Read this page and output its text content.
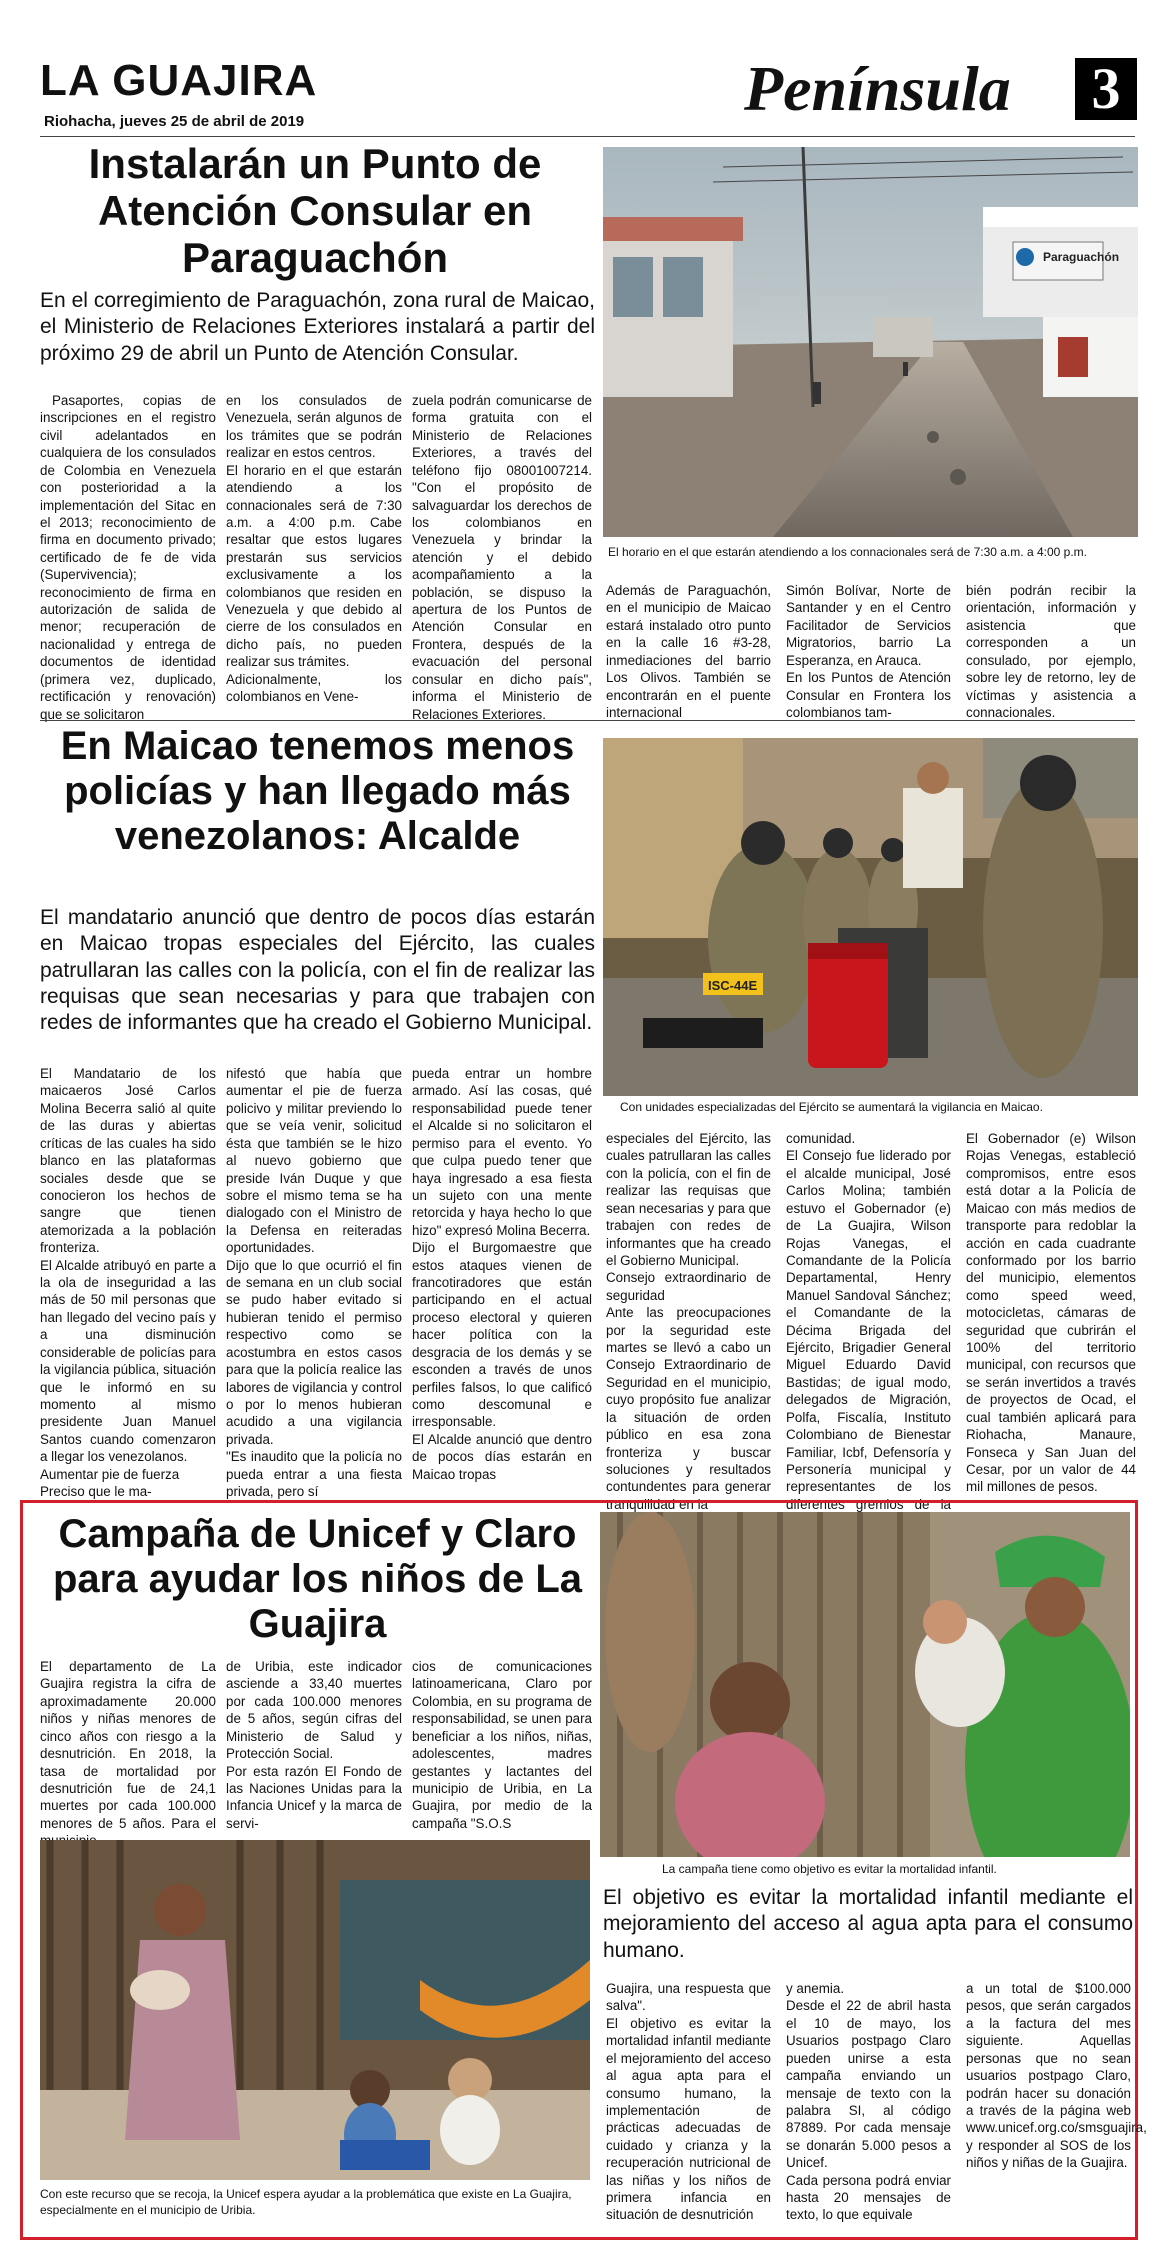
LA GUAJIRA
Riohacha, jueves 25 de abril de 2019	Península 3
Instalarán un Punto de Atención Consular en Paraguachón
En el corregimiento de Paraguachón, zona rural de Maicao, el Ministerio de Relaciones Exteriores instalará a partir del próximo 29 de abril un Punto de Atención Consular.

Pasaportes, copias de inscripciones en el registro civil adelantados en cualquiera de los consulados de Colombia en Venezuela con posterioridad a la implementación del Sitac en el 2013; reconocimiento de firma en documento privado; certificado de fe de vida (Supervivencia); reconocimiento de firma en autorización de salida de menor; recuperación de nacionalidad y entrega de documentos de identidad (primera vez, duplicado, rectificación y renovación) que se solicitaron

en los consulados de Venezuela, serán algunos de los trámites que se podrán realizar en estos centros.
El horario en el que estarán atendiendo a los connacionales será de 7:30 a.m. a 4:00 p.m. Cabe resaltar que estos lugares prestarán sus servicios exclusivamente a los colombianos que residen en Venezuela y que debido al cierre de los consulados en dicho país, no pueden realizar sus trámites.
Adicionalmente, los colombianos en Vene-
zuela podrán comunicarse de forma gratuita con el Ministerio de Relaciones Exteriores, a través del teléfono fijo 08001007214. "Con el propósito de salvaguardar los derechos de los colombianos en Venezuela y brindar la atención y el debido acompañamiento a la población, se dispuso la apertura de los Puntos de Atención Consular en Frontera, después de la evacuación del personal consular en dicho país", informa el Ministerio de Relaciones Exteriores.
Paraguachón
El horario en el que estarán atendiendo a los connacionales será de 7:30 a.m. a 4:00 p.m.
Además de Paraguachón, en el municipio de Maicao estará instalado otro punto en la calle 16 #3-28, inmediaciones del barrio Los Olivos. También se encontrarán en el puente internacional
Simón Bolívar, Norte de Santander y en el Centro Facilitador de Servicios Migratorios, barrio La Esperanza, en Arauca.
En los Puntos de Atención Consular en Frontera los colombianos tam-
bién podrán recibir la orientación, información y asistencia que corresponden a un consulado, por ejemplo, sobre ley de retorno, ley de víctimas y asistencia a connacionales.
En Maicao tenemos menos policías y han llegado más venezolanos: Alcalde
El mandatario anunció que dentro de pocos días estarán en Maicao tropas especiales del Ejército, las cuales patrullaran las calles con la policía, con el fin de realizar las requisas que sean necesarias y para que trabajen con redes de informantes que ha creado el Gobierno Municipal.
El Mandatario de los maicaeros José Carlos Molina Becerra salió al quite de las duras y abiertas críticas de las cuales ha sido blanco en las plataformas sociales desde que se conocieron los hechos de sangre que tienen atemorizada a la población fronteriza.
El Alcalde atribuyó en parte a la ola de inseguridad a las más de 50 mil personas que han llegado del vecino país y a una disminución considerable de policías para la vigilancia pública, situación que le informó en su momento al mismo presidente Juan Manuel Santos cuando comenzaron a llegar los venezolanos.
Aumentar pie de fuerza
Preciso que le ma-
nifestó que había que aumentar el pie de fuerza policivo y militar previendo lo que se veía venir, solicitud ésta que también se le hizo al nuevo gobierno que preside Iván Duque y que sobre el mismo tema se ha dialogado con el Ministro de la Defensa en reiteradas oportunidades.
Dijo que lo que ocurrió el fin de semana en un club social se pudo haber evitado si hubieran tenido el permiso respectivo como se acostumbra en estos casos para que la policía realice las labores de vigilancia y control o por lo menos hubieran acudido a una vigilancia privada.
"Es inaudito que la policía no pueda entrar a una fiesta privada, pero sí
pueda entrar un hombre armado. Así las cosas, qué responsabilidad puede tener el Alcalde si no solicitaron el permiso para el evento. Yo que culpa puedo tener que haya ingresado a esa fiesta un sujeto con una mente retorcida y haya hecho lo que hizo" expresó Molina Becerra.
Dijo el Burgomaestre que estos ataques vienen de francotiradores que están participando en el actual proceso electoral y quieren hacer política con la desgracia de los demás y se esconden a través de unos perfiles falsos, lo que calificó como descomunal e irresponsable.
El Alcalde anunció que dentro de pocos días estarán en Maicao tropas
ISC-44E
Con unidades especializadas del Ejército se aumentará la vigilancia en Maicao.
especiales del Ejército, las cuales patrullaran las calles con la policía, con el fin de realizar las requisas que sean necesarias y para que trabajen con redes de informantes que ha creado el Gobierno Municipal.
Consejo extraordinario de seguridad
Ante las preocupaciones por la seguridad este martes se llevó a cabo un Consejo Extraordinario de Seguridad en el municipio, cuyo propósito fue analizar la situación de orden público en esa zona fronteriza y buscar soluciones y resultados contundentes para generar tranquilidad en la
comunidad.
El Consejo fue liderado por el alcalde municipal, José Carlos Molina; también estuvo el Gobernador (e) de La Guajira, Wilson Rojas Vanegas, el Comandante de la Policía Departamental, Henry Manuel Sandoval Sánchez; el Comandante de la Décima Brigada del Ejército, Brigadier General Miguel Eduardo David Bastidas; de igual modo, delegados de Migración, Polfa, Fiscalía, Instituto Colombiano de Bienestar Familiar, Icbf, Defensoría y Personería municipal y representantes de los diferentes gremios de la
El Gobernador (e) Wilson Rojas Venegas, estableció compromisos, entre esos está dotar a la Policía de Maicao con más medios de transporte para redoblar la acción en cada cuadrante conformado por los barrio del municipio, elementos como speed weed, motocicletas, cámaras de seguridad que cubrirán el 100% del territorio municipal, con recursos que se serán invertidos a través de proyectos de Ocad, el cual también aplicará para Riohacha, Manaure, Fonseca y San Juan del Cesar, por un valor de 44 mil millones de pesos.
Campaña de Unicef y Claro para ayudar los niños de La Guajira
El departamento de La Guajira registra la cifra de aproximadamente 20.000 niños y niñas menores de cinco años con riesgo a la desnutrición. En 2018, la tasa de mortalidad por desnutrición fue de 24,1 muertes por cada 100.000 menores de 5 años. Para el
de Uribia, este indicador asciende a 33,40 muertes por cada 100.000 menores de 5 años, según cifras del Ministerio de Salud y Protección Social.
Por esta razón El Fondo de las Naciones Unidas para la Infancia Unicef y la marca de servi-
cios de comunicaciones latinoamericana, Claro por Colombia, en su programa de responsabilidad, se unen para beneficiar a los niños, niñas, adolescentes, madres gestantes y lactantes del municipio de Uribia, en La Guajira, por medio de la campaña "S.O.S
La campaña tiene como objetivo es evitar la mortalidad infantil.
El objetivo es evitar la mortalidad infantil mediante el mejoramiento del acceso al agua apta para el consumo humano.
Con este recurso que se recoja, la Unicef espera ayudar a la problemática que existe en La Guajira, especialmente en el municipio de Uribia.
Guajira, una respuesta que salva".
El objetivo es evitar la mortalidad infantil mediante el mejoramiento del acceso al agua apta para el consumo humano, la implementación de prácticas adecuadas de cuidado y crianza y la recuperación nutricional de las niñas y los niños de primera infancia en situación de desnutrición
y anemia.
Desde el 22 de abril hasta el 10 de mayo, los Usuarios postpago Claro pueden unirse a esta campaña enviando un mensaje de texto con la palabra SI, al código 87889. Por cada mensaje se donarán 5.000 pesos a Unicef.
Cada persona podrá enviar hasta 20 mensajes de texto, lo que equivale
a un total de $100.000 pesos, que serán cargados a la factura del mes siguiente. Aquellas personas que no sean usuarios postpago Claro, podrán hacer su donación a través de la página web www.unicef.org.co/smsguajira, y responder al SOS de los niños y niñas de la Guajira.
